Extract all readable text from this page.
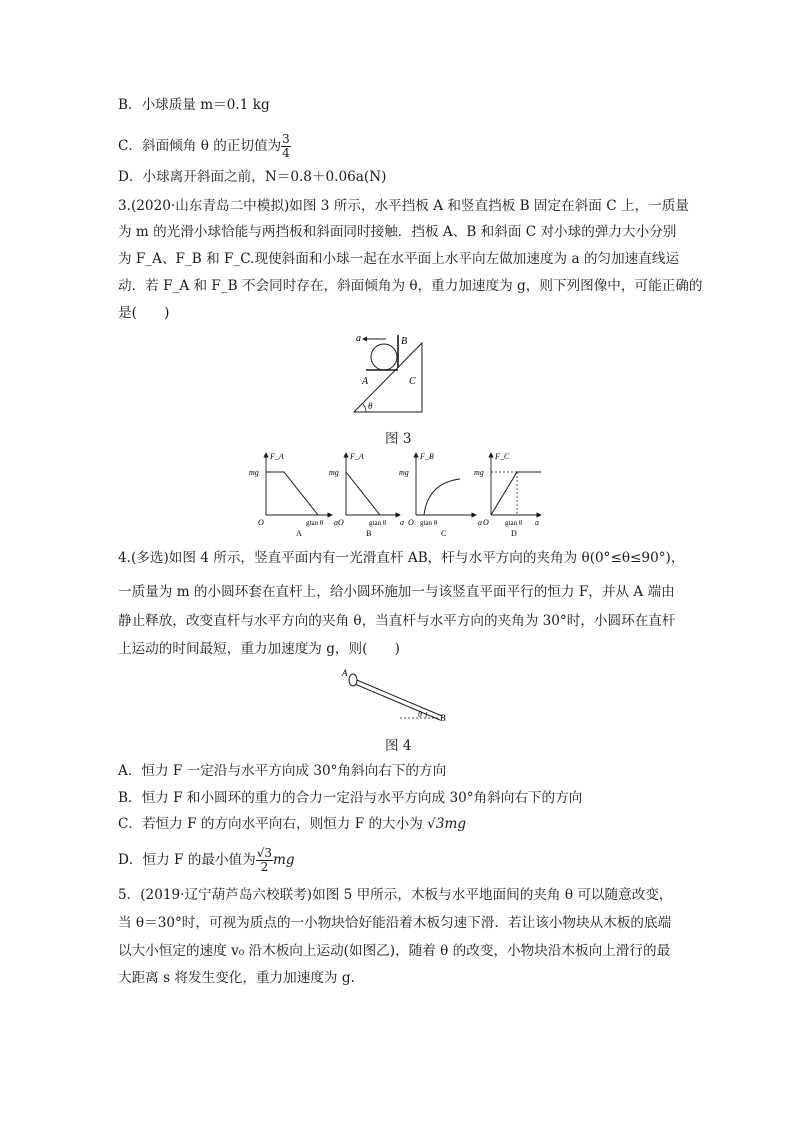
B．小球质量 m＝0.1 kg
C．斜面倾角 θ 的正切值为 $\frac{3}{4}$
D．小球离开斜面之前，N＝0.8＋0.06a(N)
3.(2020·山东青岛二中模拟)如图 3 所示，水平挡板 A 和竖直挡板 B 固定在斜面 C 上，一质量
为 m 的光滑小球恰能与两挡板和斜面同时接触．挡板 A、B 和斜面 C 对小球的弹力大小分别
为 F_A、F_B 和 F_C.现使斜面和小球一起在水平面上水平向左做加速度为 a 的匀加速直线运
动．若 F_A 和 F_B 不会同时存在，斜面倾角为 θ，重力加速度为 g，则下列图像中，可能正确的
是(　　)
a	B
A	C
θ
图 3
F_A
mg
O	gtan θ a
A
F_A
mg
O	gtan θ a
B
F_B
mg
O gtan θ	a
C
F_C
mg
O gtan θ a
D
4.(多选)如图 4 所示，竖直平面内有一光滑直杆 AB，杆与水平方向的夹角为 θ(0°≤θ≤90°)，
一质量为 m 的小圆环套在直杆上，给小圆环施加一与该竖直平面平行的恒力 F，并从 A 端由
静止释放，改变直杆与水平方向的夹角 θ，当直杆与水平方向的夹角为 30°时，小圆环在直杆
上运动的时间最短，重力加速度为 g，则(　　)
A
B
θ
图 4
A．恒力 F 一定沿与水平方向成 30°角斜向右下的方向
B．恒力 F 和小圆环的重力的合力一定沿与水平方向成 30°角斜向右下的方向
C．若恒力 F 的方向水平向右，则恒力 F 的大小为 √3mg
D．恒力 F 的最小值为 $\frac{√3}{2}$ mg
5．(2019·辽宁葫芦岛六校联考)如图 5 甲所示，木板与水平地面间的夹角 θ 可以随意改变，
当 θ＝30°时，可视为质点的一小物块恰好能沿着木板匀速下滑．若让该小物块从木板的底端
以大小恒定的速度 v₀ 沿木板向上运动(如图乙)，随着 θ 的改变，小物块沿木板向上滑行的最
大距离 s 将发生变化，重力加速度为 g.
